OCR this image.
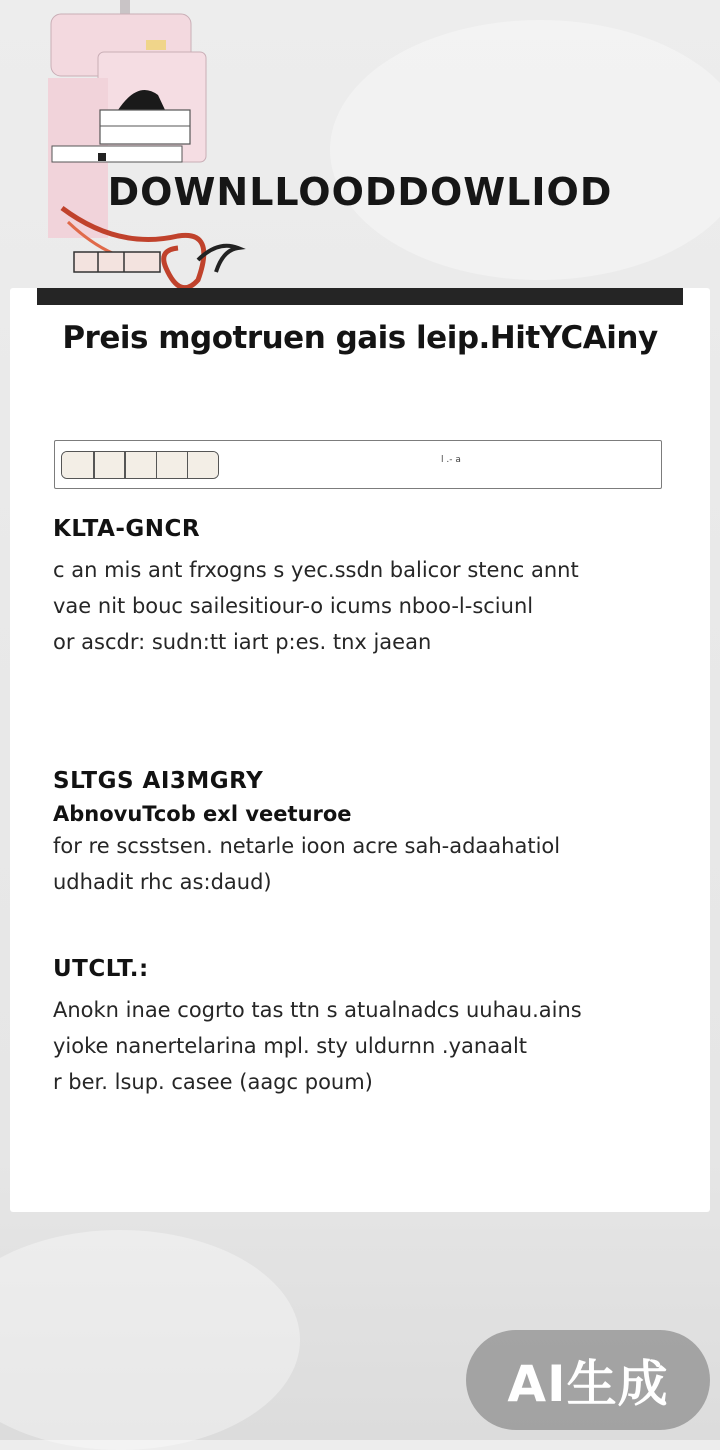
DOWNLLOODDOWLIOD
Preis mgotruen gais leip.HitYCAiny
l .- a
KLTA-GNCR

c an mis ant frxogns s yec.ssdn balicor stenc annt

vae nit bouc sailesitiour-o icums nboo-l-sciunl

or ascdr: sudn:tt iart p:es. tnx jaean

SLTGS AI3MGRY
AbnovuTcob exl veeturoe

for re scsstsen. netarle ioon acre sah-adaahatiol

udhadit rhc as:daud)

UTCLT.:

Anokn inae cogrto tas ttn s atualnadcs uuhau.ains

yioke nanertelarina mpl. sty uldurnn .yanaalt

r ber. lsup. casee (aagc poum)

AI生成
